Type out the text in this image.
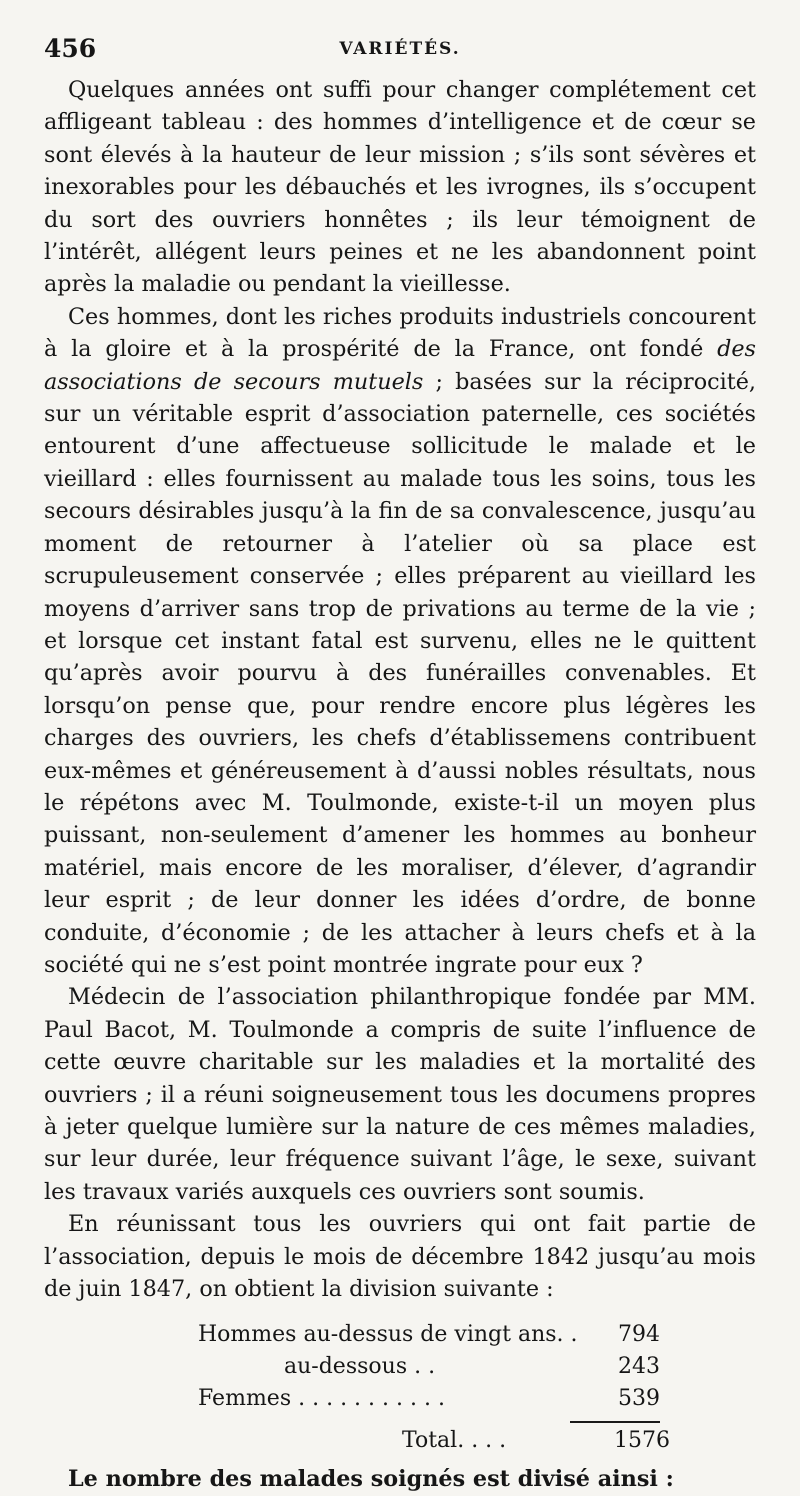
456	VARIÉTÉS.

Quelques années ont suffi pour changer complétement cet affligeant tableau : des hommes d’intelligence et de cœur se sont élevés à la hauteur de leur mission ; s’ils sont sévères et inexorables pour les débauchés et les ivrognes, ils s’occupent du sort des ouvriers honnêtes ; ils leur témoignent de l’intérêt, allégent leurs peines et ne les abandonnent point après la maladie ou pendant la vieillesse.

Ces hommes, dont les riches produits industriels concourent à la gloire et à la prospérité de la France, ont fondé des associations de secours mutuels ; basées sur la réciprocité, sur un véritable esprit d’association paternelle, ces sociétés entourent d’une affectueuse sollicitude le malade et le vieillard : elles fournissent au malade tous les soins, tous les secours désirables jusqu’à la fin de sa convalescence, jusqu’au moment de retourner à l’atelier où sa place est scrupuleusement conservée ; elles préparent au vieillard les moyens d’arriver sans trop de privations au terme de la vie ; et lorsque cet instant fatal est survenu, elles ne le quittent qu’après avoir pourvu à des funérailles convenables. Et lorsqu’on pense que, pour rendre encore plus légères les charges des ouvriers, les chefs d’établissemens contribuent eux-mêmes et généreusement à d’aussi nobles résultats, nous le répétons avec M. Toulmonde, existe-t-il un moyen plus puissant, non-seulement d’amener les hommes au bonheur matériel, mais encore de les moraliser, d’élever, d’agrandir leur esprit ; de leur donner les idées d’ordre, de bonne conduite, d’économie ; de les attacher à leurs chefs et à la société qui ne s’est point montrée ingrate pour eux ?

Médecin de l’association philanthropique fondée par MM. Paul Bacot, M. Toulmonde a compris de suite l’influence de cette œuvre charitable sur les maladies et la mortalité des ouvriers ; il a réuni soigneusement tous les documens propres à jeter quelque lumière sur la nature de ces mêmes maladies, sur leur durée, leur fréquence suivant l’âge, le sexe, suivant les travaux variés auxquels ces ouvriers sont soumis.

En réunissant tous les ouvriers qui ont fait partie de l’association, depuis le mois de décembre 1842 jusqu’au mois de juin 1847, on obtient la division suivante :

Hommes au-dessus de vingt ans. . 794
au-dessous . .	243
Femmes . . . . . . . . . . .	539
Total. . . .	1576

Le nombre des malades soignés est divisé ainsi :
